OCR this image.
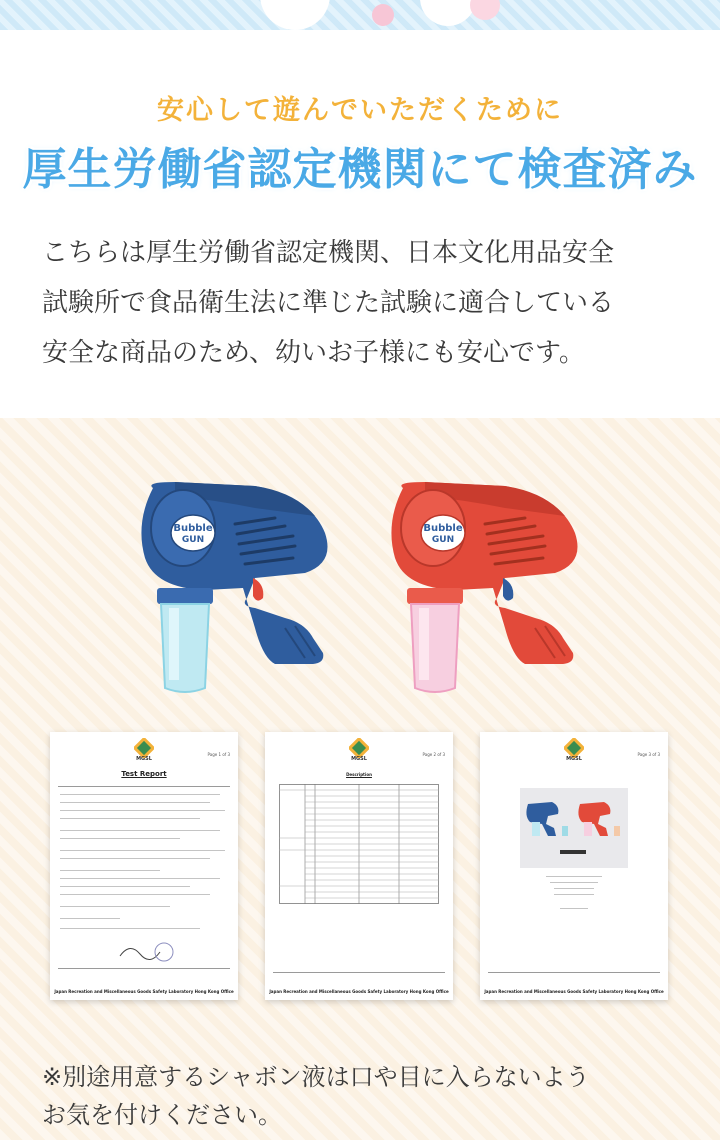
安心して遊んでいただくために
厚生労働省認定機関にて検査済み
こちらは厚生労働省認定機関、日本文化用品安全
試験所で食品衛生法に準じた試験に適合している
安全な商品のため、幼いお子様にも安心です。
Bubble
GUN
Bubble
GUN
MGSL
Page 1 of 3
Test Report
Japan Recreation and Miscellaneous Goods Safety Laboratory Hong Kong Office
MGSL
Page 2 of 3
Description
Japan Recreation and Miscellaneous Goods Safety Laboratory Hong Kong Office
MGSL
Page 3 of 3
Japan Recreation and Miscellaneous Goods Safety Laboratory Hong Kong Office
※別途用意するシャボン液は口や目に入らないよう
お気を付けください。
